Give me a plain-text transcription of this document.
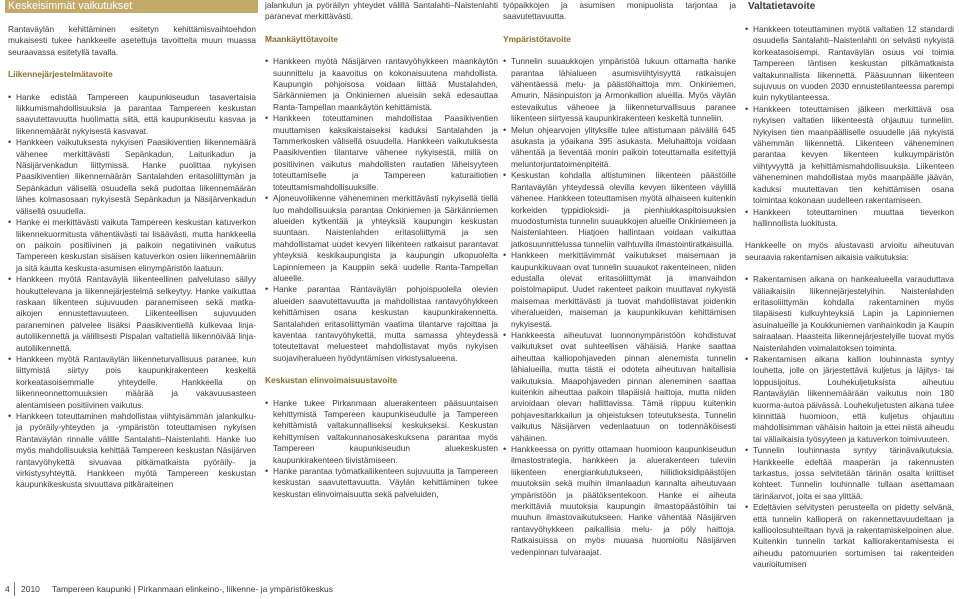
Keskeisimmät vaikutukset

Rantaväylän kehittäminen esitetyn kehittämisvaihtoehdon mukaisesti tukee hankkeelle asetettuja tavoitteita muun muassa seuraavassa esitetyllä tavalla.

Liikennejärjestelmätavoite
• Hanke edistää Tampereen kaupunkiseudun tasavertaisia liikkumismahdollisuuksia ja parantaa Tampereen keskustan saavutettavuutta huolimatta siitä, että kaupunkiseutu kasvaa ja liikennemäärät nykyisestä kasvavat.
• Hankkeen vaikutuksesta nykyisen Paasikiventien liikennemäärä vähenee merkittävästi Sepänkadun, Laiturikadun ja Näsijärvenkadun liittymissä. Hanke puolittaa nykyisen Paasikiventien liikennemäärän Santalahden eritasoliittymän ja Sepänkadun välisellä osuudella sekä pudottaa liikennemäärän lähes kolmasosaan nykyisestä Sepänkadun ja Näsijärvenkadun välisellä osuudella.
• Hanke ei merkittävästi vaikuta Tampereen keskustan katuverkon liikennekuormitusta vähentävästi tai lisäävästi, mutta hankkeella on paikoin positiivinen ja paikoin negatiivinen vaikutus Tampereen keskustan sisäisen katuverkon osien liikennemääriin ja sitä kautta keskusta-asumisen elinympäristön laatuun.
• Hankkeen myötä Rantaväylä liikenteellinen palvelutaso säilyy houkuttelevana ja liikennejärjestelmä selkeytyy. Hanke vaikuttaa raskaan liikenteen sujuvuuden paranemiseen sekä matka-aikojen ennustettavuuteen. Liikenteellisen sujuvuuden paraneminen palvelee lisäksi Paasikiventiellä kulkevaa linja-autoliikennettä ja välillisesti Pispalan valtatiellä liikennöivää linja-autoliikennettä.
• Hankkeen myötä Rantaväylän liikenneturvallisuus paranee, kun liittymistä siirtyy pois kaupunkirakenteen keskeltä korkeatasoisemmalle yhteydelle. Hankkeella on liikenneonnettomuuksien määrää ja vakavuusasteen alentamiseen positiivinen vaikutus.
• Hankkeen toteuttaminen mahdollistaa viihtyisämmän jalankulku- ja pyöräily-yhteyden ja -ympäristön toteuttamisen nykyisen Rantaväylän rinnalle välille Santalahti–Naistenlahti. Hanke luo myös mahdollisuuksia kehittää Tampereen keskustan Näsijärven rantavyöhykettä sivuavaa pitkämatkaista pyöräily- ja virkistysyhteyttä. Hankkeen myötä Tampereen keskustan kaupunkikeskusta sivuuttava pitkäraiteinen

jalankulun ja pyöräilyn yhteydet välillä Santalahti–Naistenlahti paranevat merkittävästi.

Maankäyttötavoite
• Hankkeen myötä Näsijärven rantavyöhykkeen maankäytön suunnittelu ja kaavoitus on kokonaisuutena mahdollista. Kaupungin pohjoisosa voidaan liittää Mustalahden, Särkänniemen ja Onkiniemen alueisiin sekä edesauttaa Ranta-Tampellan maankäytön kehittämistä.
• Hankkeen toteuttaminen mahdollistaa Paasikiventien muuttamisen kaksikaistaiseksi kaduksi Santalahden ja Tammerkosken välisellä osuudella. Hankkeen vaikutuksesta Paasikiventien tilantarve vähenee nykyisestä, millä on positiivinen vaikutus mahdollisten rautatien läheisyyteen toteuttamiselle ja Tampereen katuraitiotien toteuttamismahdollisuuksille.
• Ajoneuvoliikenne väheneminen merkittävästi nykyisellä tiellä luo mahdollisuuksia parantaa Onkiniemen ja Särkänniemen alueiden kytkentää ja yhteyksiä kaupungin keskustan suuntaan. Naistenlahden eritasoliittymä ja sen mahdollistamat uudet kevyen liikenteen ratkaisut parantavat yhteyksiä keskikaupungista ja kaupungin ulkopuolelta Lapinniemeen ja Kauppiin sekä uudelle Ranta-Tampellan alueelle.
• Hanke parantaa Rantaväylän pohjoispuolella olevien alueiden saavutettavuutta ja mahdollistaa rantavyöhykkeen kehittämisen osana keskustan kaupunkirakennetta. Santalahden eritasoliittymän vaatima tilantarve rajoittaa ja kaventaa rantavyöhykettä, mutta samassa yhteydessä toteutettavat meluesteet mahdollistavat myös nykyisen suojaviheralueen hyödyntämisen virkistysalueena.
Keskustan elinvoimaisuustavoite
• Hanke tukee Pirkanmaan aluerakenteen pääsuuntaisen kehittymistä Tampereen kaupunkiseudulle ja Tampereen kehittämistä valtakunnalliseksi keskukseksi. Keskustan kehittymisen valtakunnanosakeskuksena parantaa myös Tampereen kaupunkiseudun aluekeskusten kaupunkirakenteen tiivistämiseen.
• Hanke parantaa työmatkaliikenteen sujuvuutta ja Tampereen keskustan saavutettavuutta. Väylän kehittäminen tukee keskustan elinvoimaisuutta sekä palveluiden,

työpaikkojen ja asumisen monipuolista tarjontaa ja saavutettavuutta.

Ympäristötavoite
• Tunnelin suuaukkojen ympäristöä lukuun ottamatta hanke parantaa lähialueen asumisviihtyisyyttä ratkaisujen vähentäessä melu- ja päästöhaittoja mm. Onkiniemen, Amurin, Näsinpuiston ja Armonkallion alueilla. Myös väylän estevaikutus vähenee ja liikenneturvallisuus paranee liikenteen siirtyessä kaupunkirakenteen keskeltä tunneliin.
• Melun ohjearvojen ylityksille tulee altistumaan päivällä 645 asukasta ja yöaikana 395 asukasta. Meluhaittoja voidaan vähentää ja lieventää monin paikoin toteuttamalla esitettyjä meluntorjuntatoimenpiteitä.
• Keskustan kohdalla altistuminen liikenteen päästöille Rantaväylän yhteydessä olevilla kevyen liikenteen väylillä vähenee. Hankkeen toteuttamisen myötä alhaiseen kuitenkin korkeiden typpidioksidi- ja pienhiukkaspitoisuuksien muodostumista tunnelin suuaukkojen alueille Onkiniemeen ja Naistenlahteen. Hiatjoen hallintaan voidaan vaikuttaa jatkosuunnittelussa tunneliin vaihtuvilla ilmastointiratkaisuilla.
• Hankkeen merkittävimmät vaikutukset maisemaan ja kaupunkikuvaan ovat tunnelin suuaukot rakenteineen, niiden edustalla olevat eritasoliittymät ja imanvaihdon poistolmapiiput. Uudet rakenteet paikoin muuttavat nykyistä maisemaa merkittävästi ja tuovat mahdollistavat joidenkin viheralueiden, maiseman ja kaupunkikuvan kehittämisen nykyisestä.
• Hankkeesta aiheutuvat luonnonympäristöön kohdistuvat vaikutukset ovat suhteellisen vähäisiä. Hanke saattaa aiheuttaa kalliopohjaveden pinnan alenemista tunnelin lähialueilla, mutta tästä ei odoteta aiheutuvan haitallisia vaikutuksia. Maapohjaveden pinnan aleneminen saattaa kuitenkin aiheuttaa paikoin tilapäisiä haittoja, mutta niiden arvioidaan olevan hallittavissa. Tämä riippuu kuitenkin pohjavesitarkkailun ja ohjeistuksen toteutuksesta. Tunnelin vaikutus Näsijärven vedenlaatuun on todennäköisesti vähäinen.
• Hankkeessa on pyritty ottamaan huomioon kaupunkiseudun ilmastostrategia, hankkeen ja aluerakenteen tuleviin liikenteen energiankulutukseen, hiilidioksidipäästöjen muutoksiin sekä muihin ilmanlaadun kannalta aiheutuvaan ympäristöön ja päätöksentekoon. Hanke ei aiheuta merkittäviä muutoksia kaupungin ilmastopäästöihin tai muuhun ilmastovaikutukseen. Hanke vähentää Näsijärven rantavyöhykkeen paikallisia melu- ja pöly haittoja. Ratkaisuissa on myös muuasa huomioitu Näsijärven vedenpinnan tulvaraajat.
Valtatietavoite
• Hankkeen toteuttaminen myötä valtatien 12 standardi osuudella Santalahti–Naistenlahti on selvästi nykyistä korkeatasoisempi. Rantaväylän osuus voi toimia Tampereen läntisen keskustan pitkämatkaista valtakunnallista liikennettä. Pääsuunnan liikenteen sujuvuus on vuoden 2030 ennustetilanteessa parempi kuin nykytilanteessa.
• Hankkeen toteuttamisen jälkeen merkittävä osa nykyisen valtatien liikenteestä ohjautuu tunneliin. Nykyisen tien maanpäälliselle osuudelle jää nykyistä vähemmän liikennettä. Liikenteen väheneminen parantaa kevyen liikenteen kulkuympäristön viihtyvyyttä ja kehittämismahdollisuuksia. Liikenteen väheneminen mahdollistaa myös maanpäälle jäävän, kaduksi muutettavan tien kehittämisen osana toimintaa kokonaan uudelleen rakentamiseen.
• Hankkeen toteuttaminen muuttaa tieverkon hallinnollista luokitusta.

Hankkeelle on myös alustavasti arvioitu aiheutuvan seuraavia rakentamisen aikaisia vaikutuksia:

• Rakentamisen aikana on hankealueella varauduttava väliaikaisiin liikennejärjestelyihin. Naistenlahden eritasoliittymän kohdalla rakentaminen myös tilapäisesti kulkuyhteyksiä Lapin ja Lapinniemen asuinalueille ja Koukkuniemen vanhainkodin ja Kaupin sairaalaan. Haasteita liikennejärjestelyille tuovat myös Naistenlahden voimalaitoksen toiminta.
• Rakentamisen aikana kallion louhinnasta syntyy louhetta, jolle on järjestettävä kuljetus ja läjitys- tai loppusijoitus. Louhekuljetuksista aiheutuu Rantaväylän liikennemäärään vaikutus noin 180 kuorma-autoa päivässä. Louhekuljetusten aikana tulee kiinnittää huomioon, että kuljetus ohjautuu mahdollisimman vähäisin haitoin ja ettei niistä aiheudu tai väliaikaisia työsyyteen ja katuverkon toimivuuteen.
• Tunnelin louhinnasta syntyy tärinävaikutuksia. Hankkeelle edeltää maaperän ja rakennusten tarkastus, jossa selvitetään tärinän osalta kriittiset kohteet. Tunnelin louhinnalle tullaan asettamaan tärinäarvot, joita ei saa ylittää.
• Edeltävien selvitysten perusteella on pidetty selvänä, että tunnelin kallioperä on rakennettavuudeltaan ja kallioolosuhteiltaan hyvä ja rakentamiskelpoinen alue. Kuitenkin tunnelin tarkat kalliorakentamisesta ei aiheudu patomuurien sortumisen tai rakenteiden vaurioitumisen
4 2010 Tampereen kaupunki | Pirkanmaan elinkeino-, liikenne- ja ympäristökeskus
